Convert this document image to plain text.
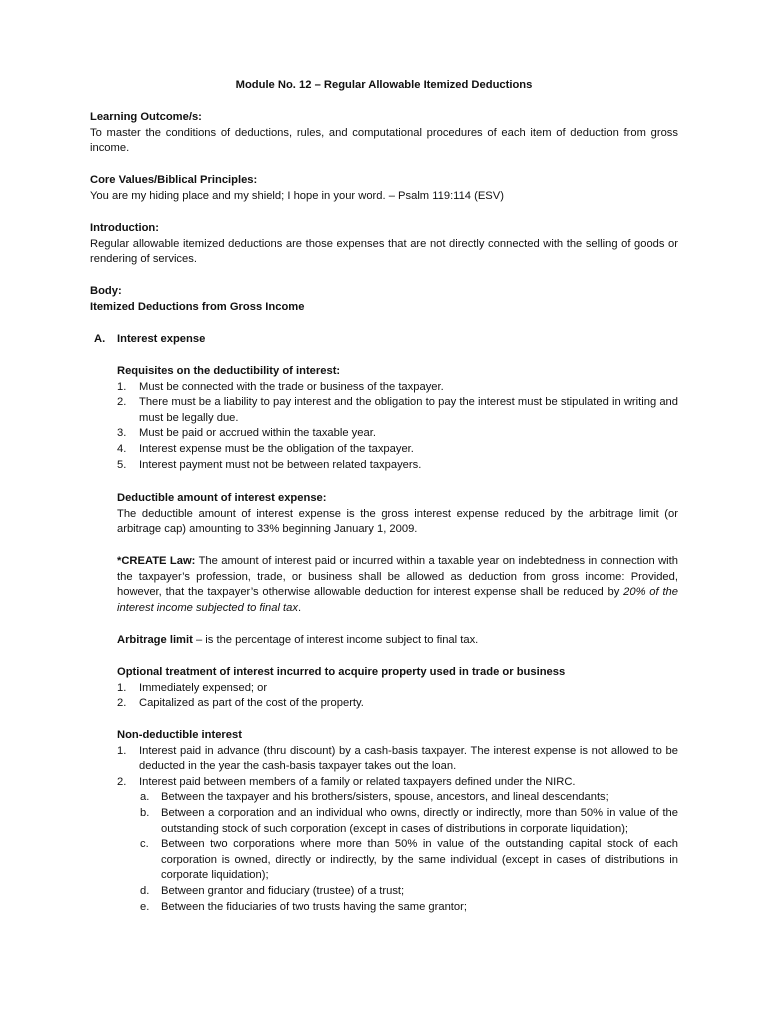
Module No. 12 – Regular Allowable Itemized Deductions

Learning Outcome/s:

To master the conditions of deductions, rules, and computational procedures of each item of deduction from gross income.

Core Values/Biblical Principles:

You are my hiding place and my shield; I hope in your word. – Psalm 119:114 (ESV)

Introduction:

Regular allowable itemized deductions are those expenses that are not directly connected with the selling of goods or rendering of services.

Body:

Itemized Deductions from Gross Income

A. Interest expense

Requisites on the deductibility of interest:

1. Must be connected with the trade or business of the taxpayer.
2. There must be a liability to pay interest and the obligation to pay the interest must be stipulated in writing and must be legally due.
3. Must be paid or accrued within the taxable year.
4. Interest expense must be the obligation of the taxpayer.
5. Interest payment must not be between related taxpayers.

Deductible amount of interest expense:

The deductible amount of interest expense is the gross interest expense reduced by the arbitrage limit (or arbitrage cap) amounting to 33% beginning January 1, 2009.

*CREATE Law: The amount of interest paid or incurred within a taxable year on indebtedness in connection with the taxpayer’s profession, trade, or business shall be allowed as deduction from gross income: Provided, however, that the taxpayer’s otherwise allowable deduction for interest expense shall be reduced by 20% of the interest income subjected to final tax.

Arbitrage limit – is the percentage of interest income subject to final tax.

Optional treatment of interest incurred to acquire property used in trade or business

1. Immediately expensed; or
2. Capitalized as part of the cost of the property.

Non-deductible interest

1. Interest paid in advance (thru discount) by a cash-basis taxpayer. The interest expense is not allowed to be deducted in the year the cash-basis taxpayer takes out the loan.
2. Interest paid between members of a family or related taxpayers defined under the NIRC.
a. Between the taxpayer and his brothers/sisters, spouse, ancestors, and lineal descendants;
b. Between a corporation and an individual who owns, directly or indirectly, more than 50% in value of the outstanding stock of such corporation (except in cases of distributions in corporate liquidation);
c. Between two corporations where more than 50% in value of the outstanding capital stock of each corporation is owned, directly or indirectly, by the same individual (except in cases of distributions in corporate liquidation);
d. Between grantor and fiduciary (trustee) of a trust;
e. Between the fiduciaries of two trusts having the same grantor;
